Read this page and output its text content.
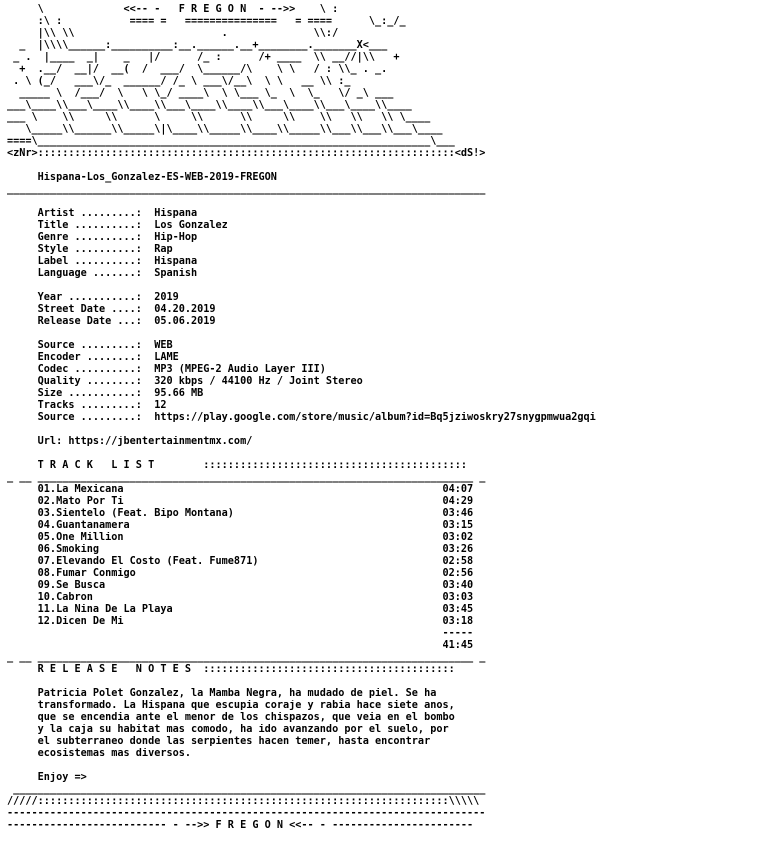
\             <<-- -   F R E G O N  - -->>    \ :
:\ :           ==== =   ===============   = ====      \_:_/_
|\\ \\                        .              \\:/
_  |\\\\______:__________:__.______.__+________._______X<___
_ .  |____  _|    _   |/      /_ :      /+ ____  \\ __//|\\   +
+  .__/  __|/  __(  /  ___/  \______/\    \ \   / : \\_ . _.
. \ (_/   ___\/_  ______/ /_ \ ___\/__\  \ \   __ \\ :_
_____ \  /___/  \   \ \_/ ____\  \ \___ \_  \  \_   \/ _\ ___
___\____\\___\____\\____\\___\____\\____\\___\____\\___\____\\____
___ \    \\     \\      \     \\      \\     \\    \\   \\   \\ \____
\_____\\______\\_____\|\____\\_____\\____\\_____\\___\\___\\___\____
====\________________________________________________________________\___
<zNr>::::::::::::::::::::::::::::::::::::::::::::::::::::::::::::::::::::<dS!>
Hispana-Los_Gonzalez-ES-WEB-2019-FREGON
______________________________________________________________________________
Artist .........:  Hispana
Title ..........:  Los Gonzalez
Genre ..........:  Hip-Hop
Style ..........:  Rap
Label ..........:  Hispana
Language .......:  Spanish
Year ...........:  2019
Street Date ....:  04.20.2019
Release Date ...:  05.06.2019
Source .........:  WEB
Encoder ........:  LAME
Codec ..........:  MP3 (MPEG-2 Audio Layer III)
Quality ........:  320 kbps / 44100 Hz / Joint Stereo
Size ...........:  95.66 MB
Tracks .........:  12
Source .........:  https://play.google.com/store/music/album?id=Bq5jziwoskry27snygpmwua2gqi
Url: https://jbentertainmentmx.com/
T R A C K   L I S T        :::::::::::::::::::::::::::::::::::::::::::
_ __ _______________________________________________________________________ _
01.La Mexicana                                                    04:07
02.Mato Por Ti                                                    04:29
03.Sientelo (Feat. Bipo Montana)                                  03:46
04.Guantanamera                                                   03:15
05.One Million                                                    03:02
06.Smoking                                                        03:26
07.Elevando El Costo (Feat. Fume871)                              02:58
08.Fumar Conmigo                                                  02:56
09.Se Busca                                                       03:40
10.Cabron                                                         03:03
11.La Nina De La Playa                                            03:45
12.Dicen De Mi                                                    03:18
-----
41:45
_ __ _______________________________________________________________________ _
R E L E A S E   N O T E S  :::::::::::::::::::::::::::::::::::::::::
Patricia Polet Gonzalez, la Mamba Negra, ha mudado de piel. Se ha
transformado. La Hispana que escupia coraje y rabia hace siete anos,
que se encendia ante el menor de los chispazos, que veia en el bombo
y la caja su habitat mas comodo, ha ido avanzando por el suelo, por
el subterraneo donde las serpientes hacen temer, hasta encontrar
ecosistemas mas diversos.
Enjoy =>
_____________________________________________________________________________
/////:::::::::::::::::::::::::::::::::::::::::::::::::::::::::::::::::::\\\\\
------------------------------------------------------------------------------
-------------------------- - -->> F R E G O N <<-- - -----------------------
